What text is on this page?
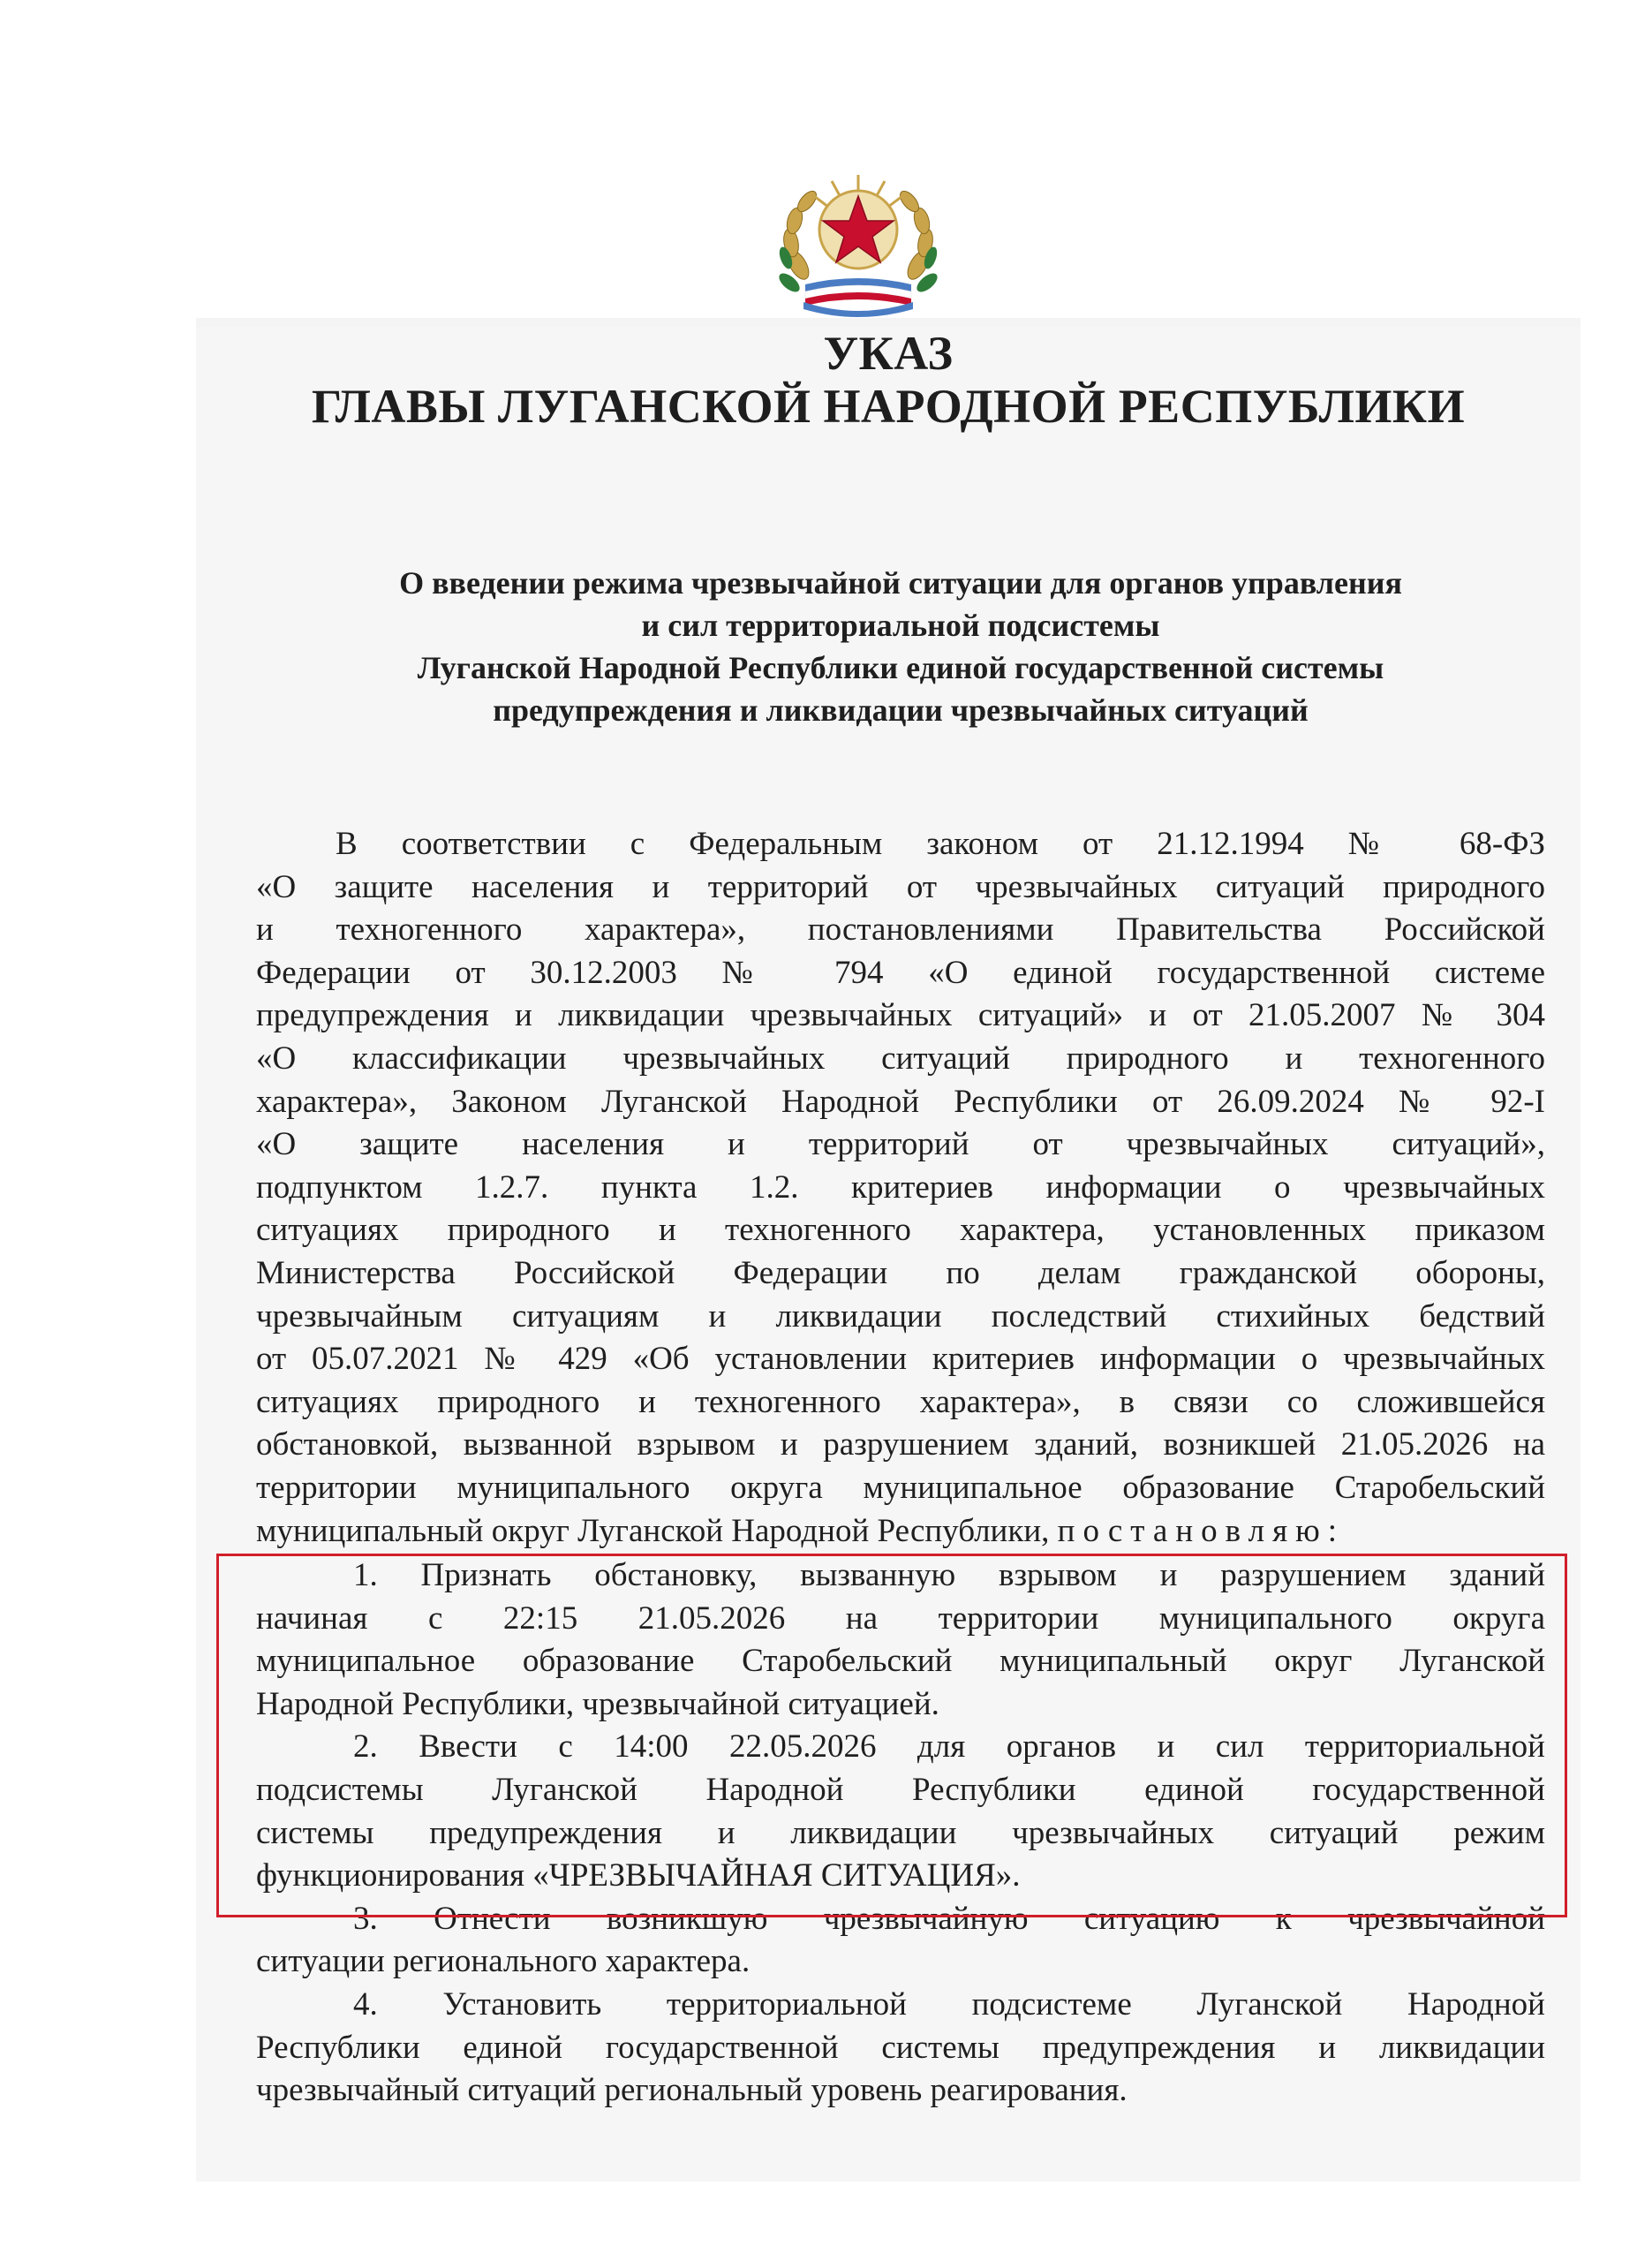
УКАЗ
ГЛАВЫ ЛУГАНСКОЙ НАРОДНОЙ РЕСПУБЛИКИ
О введении режима чрезвычайной ситуации для органов управления
и сил территориальной подсистемы
Луганской Народной Республики единой государственной системы
предупреждения и ликвидации чрезвычайных ситуаций
В соответствии с Федеральным законом от 21.12.1994 № 68-ФЗ
«О защите населения и территорий от чрезвычайных ситуаций природного
и техногенного характера», постановлениями Правительства Российской
Федерации от 30.12.2003 № 794 «О единой государственной системе
предупреждения и ликвидации чрезвычайных ситуаций» и от 21.05.2007 № 304
«О классификации чрезвычайных ситуаций природного и техногенного
характера», Законом Луганской Народной Республики от 26.09.2024 № 92-I
«О защите населения и территорий от чрезвычайных ситуаций»,
подпунктом 1.2.7. пункта 1.2. критериев информации о чрезвычайных
ситуациях природного и техногенного характера, установленных приказом
Министерства Российской Федерации по делам гражданской обороны,
чрезвычайным ситуациям и ликвидации последствий стихийных бедствий
от 05.07.2021 № 429 «Об установлении критериев информации о чрезвычайных
ситуациях природного и техногенного характера», в связи со сложившейся
обстановкой, вызванной взрывом и разрушением зданий, возникшей 21.05.2026 на
территории муниципального округа муниципальное образование Старобельский
муниципальный округ Луганской Народной Республики, постановляю:
1. Признать обстановку, вызванную взрывом и разрушением зданий
начиная с 22:15 21.05.2026 на территории муниципального округа
муниципальное образование Старобельский муниципальный округ Луганской
Народной Республики, чрезвычайной ситуацией.
2. Ввести с 14:00 22.05.2026 для органов и сил территориальной
подсистемы Луганской Народной Республики единой государственной
системы предупреждения и ликвидации чрезвычайных ситуаций режим
функционирования «ЧРЕЗВЫЧАЙНАЯ СИТУАЦИЯ».
3. Отнести возникшую чрезвычайную ситуацию к чрезвычайной
ситуации регионального характера.
4. Установить территориальной подсистеме Луганской Народной
Республики единой государственной системы предупреждения и ликвидации
чрезвычайный ситуаций региональный уровень реагирования.
